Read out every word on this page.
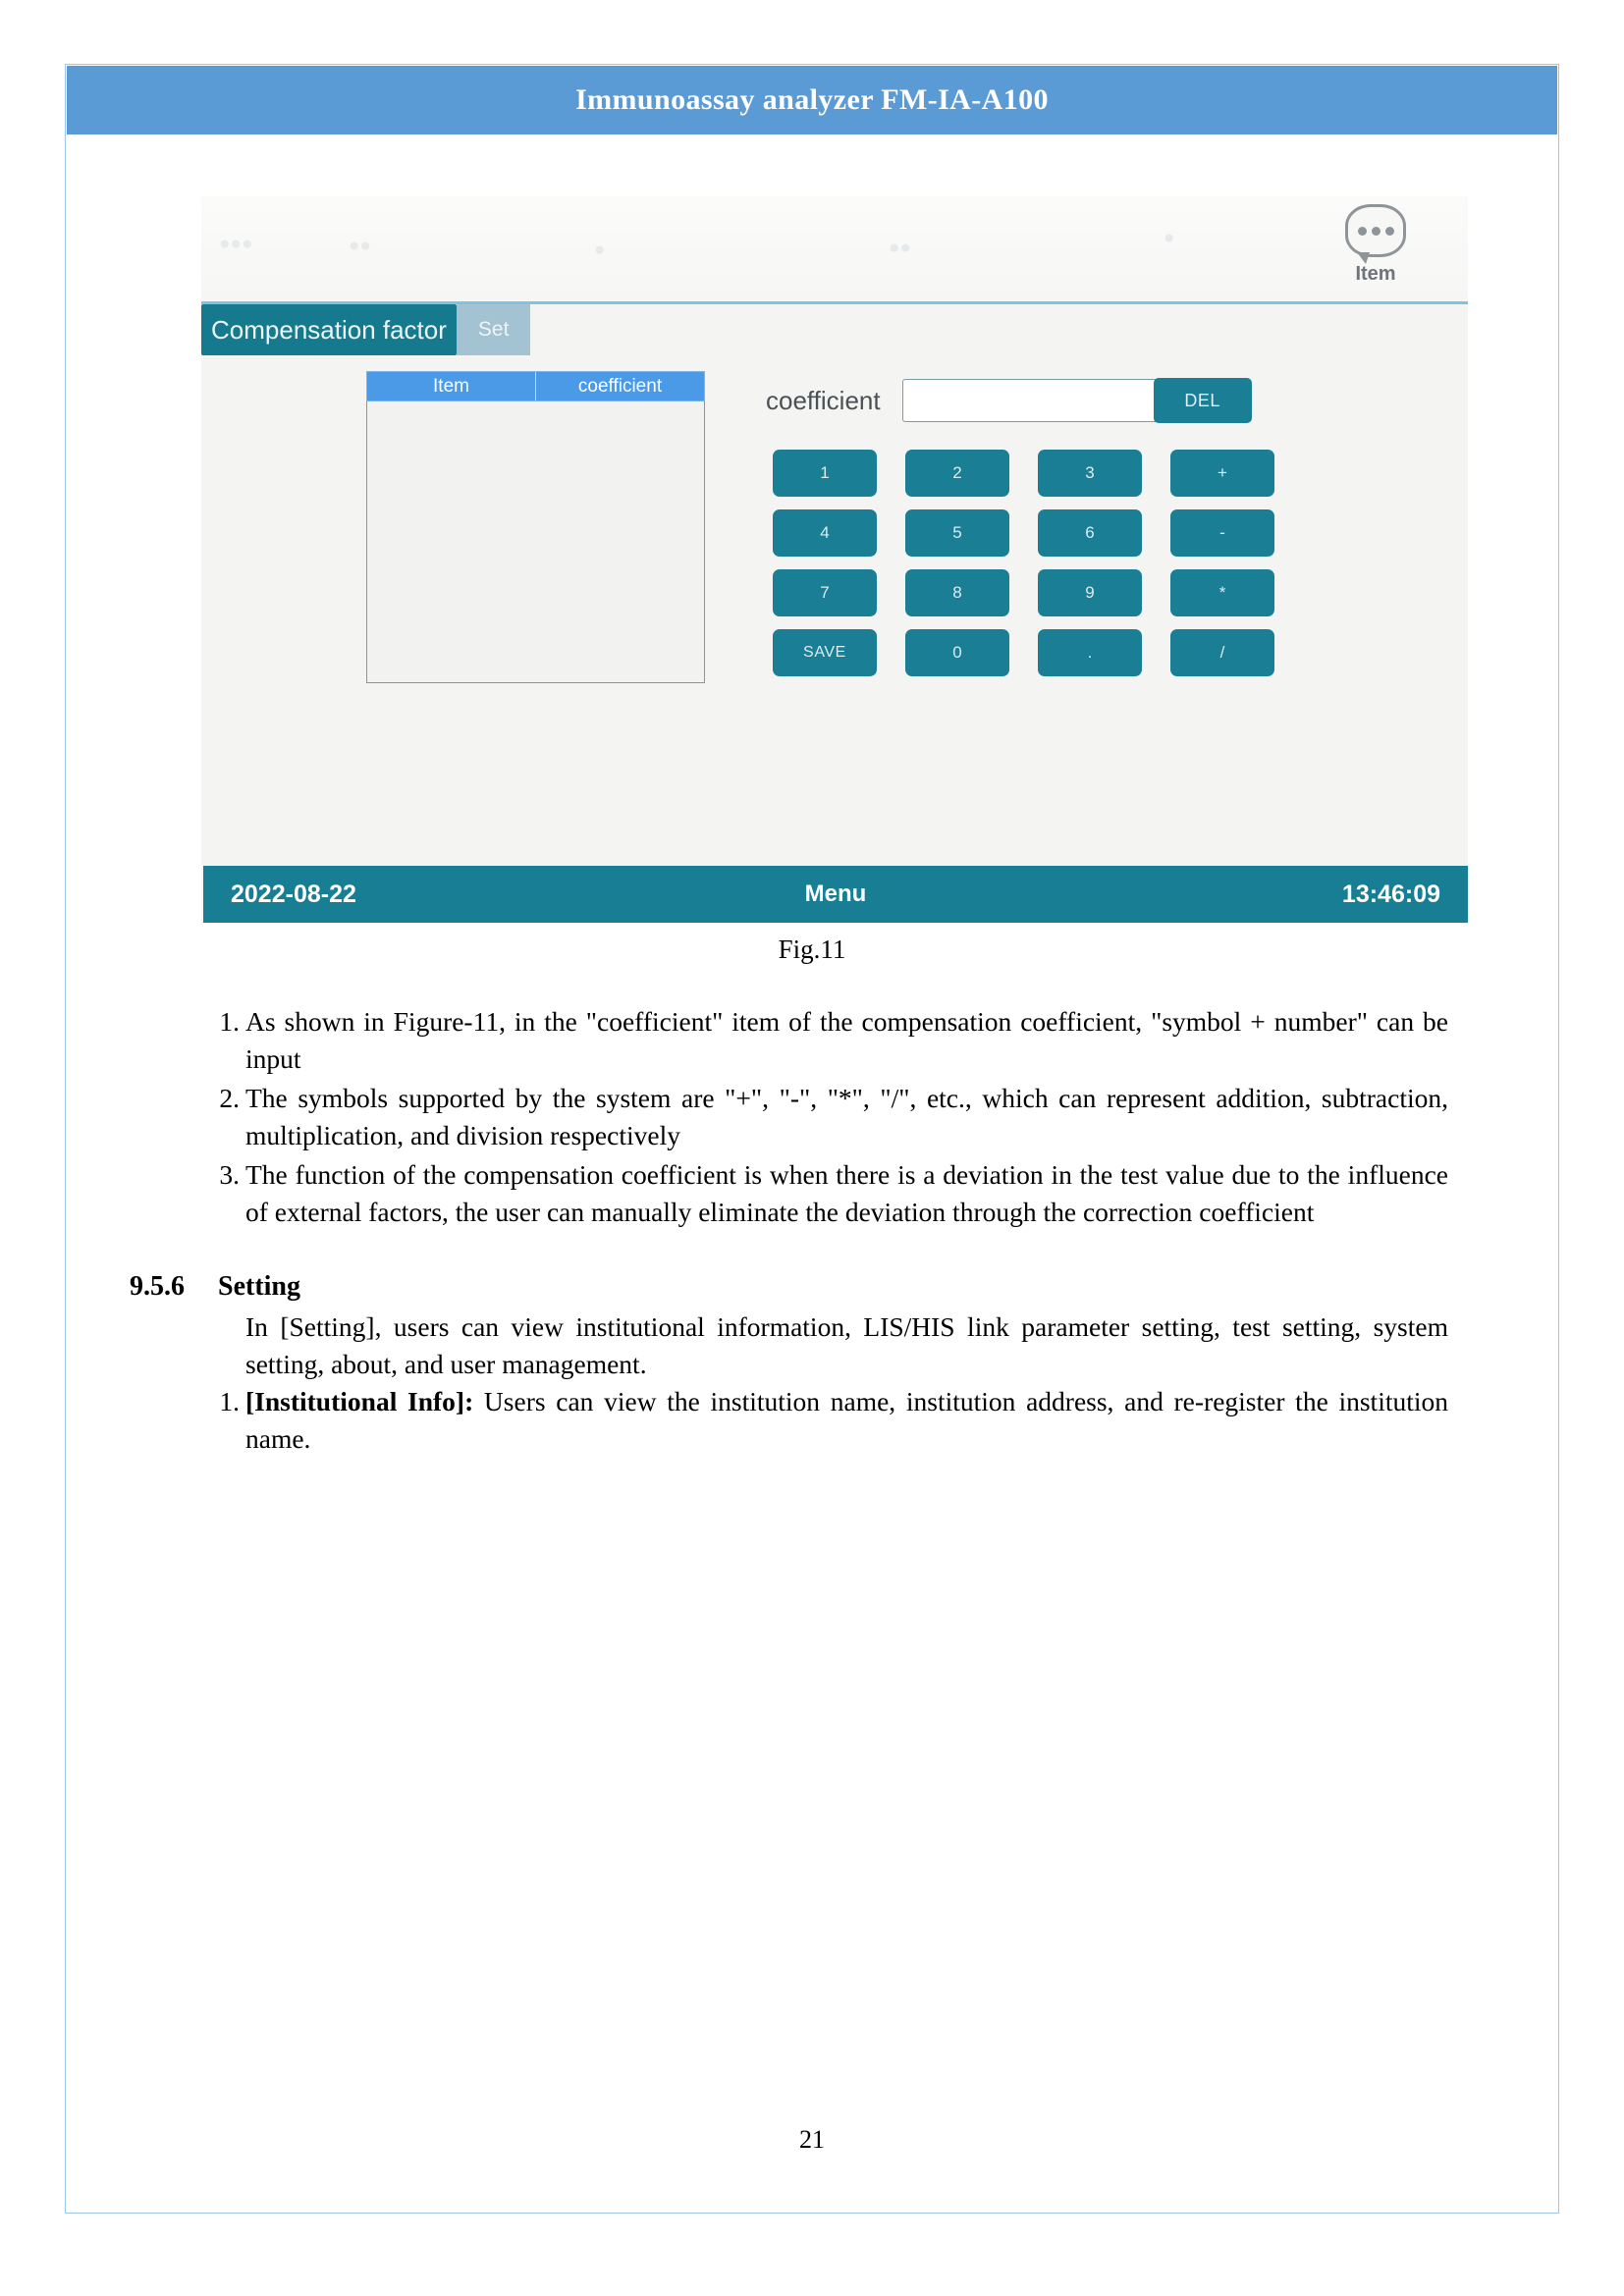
Immunoassay analyzer FM-IA-A100
●●●	●●	●	●●	●
Item
Compensation factor	Set
Item	coefficient	coefficient	DEL
1	2	3	+
4	5	6	-
7	8	9	*
SAVE	0	.	/
2022-08-22	Menu	13:46:09
Fig.11
1. As shown in Figure-11, in the "coefficient" item of the compensation coefficient, "symbol + number" can be input
2. The symbols supported by the system are "+", "-", "*", "/", etc., which can represent addition, subtraction, multiplication, and division respectively
3. The function of the compensation coefficient is when there is a deviation in the test value due to the influence of external factors, the user can manually eliminate the deviation through the correction coefficient
9.5.6	Setting
In [Setting], users can view institutional information, LIS/HIS link parameter setting, test setting, system setting, about, and user management.
1. [Institutional Info]: Users can view the institution name, institution address, and re-register the institution name.
21
